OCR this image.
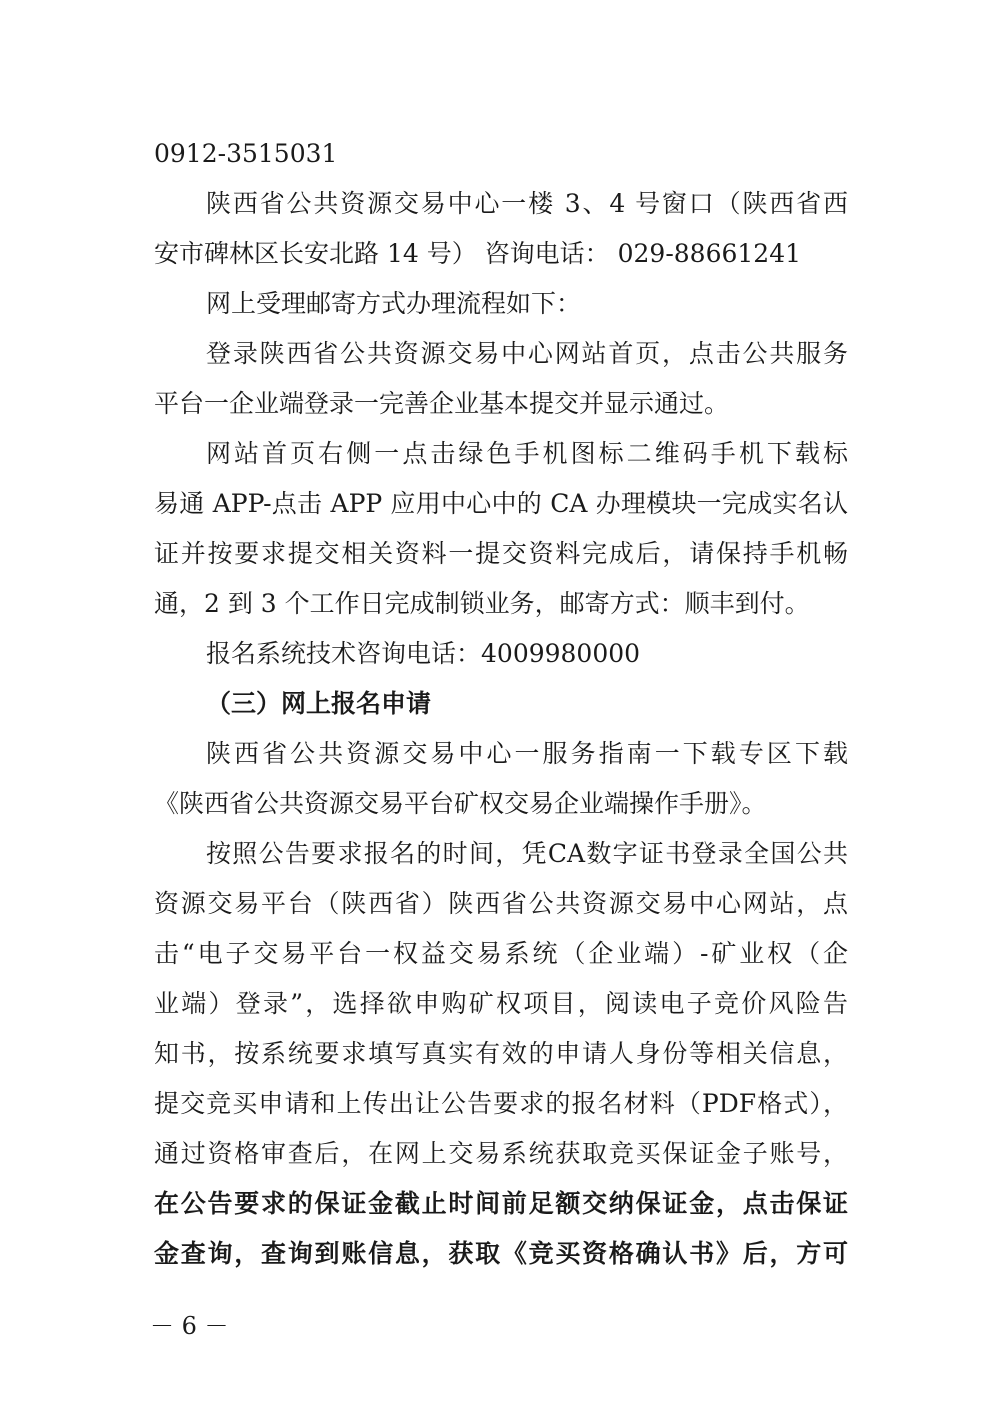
0912-3515031
陕西省公共资源交易中心一楼 3、4 号窗口（陕西省西
安市碑林区长安北路 14 号） 咨询电话： 029-88661241
网上受理邮寄方式办理流程如下：
登录陕西省公共资源交易中心网站首页，点击公共服务
平台一企业端登录一完善企业基本提交并显示通过。
网站首页右侧一点击绿色手机图标二维码手机下载标
易通 APP-点击 APP 应用中心中的 CA 办理模块一完成实名认
证并按要求提交相关资料一提交资料完成后，请保持手机畅
通，2 到 3 个工作日完成制锁业务，邮寄方式：顺丰到付。
报名系统技术咨询电话：4009980000
（三）网上报名申请
陕西省公共资源交易中心一服务指南一下载专区下载
《陕西省公共资源交易平台矿权交易企业端操作手册》。
按照公告要求报名的时间，凭CA数字证书登录全国公共
资源交易平台（陕西省）陕西省公共资源交易中心网站，点
击“电子交易平台一权益交易系统（企业端）-矿业权（企
业端）登录”，选择欲申购矿权项目，阅读电子竞价风险告
知书，按系统要求填写真实有效的申请人身份等相关信息，
提交竞买申请和上传出让公告要求的报名材料（PDF格式），
通过资格审查后，在网上交易系统获取竞买保证金子账号，
在公告要求的保证金截止时间前足额交纳保证金，点击保证
金查询，查询到账信息，获取《竞买资格确认书》后，方可
－ 6 －
